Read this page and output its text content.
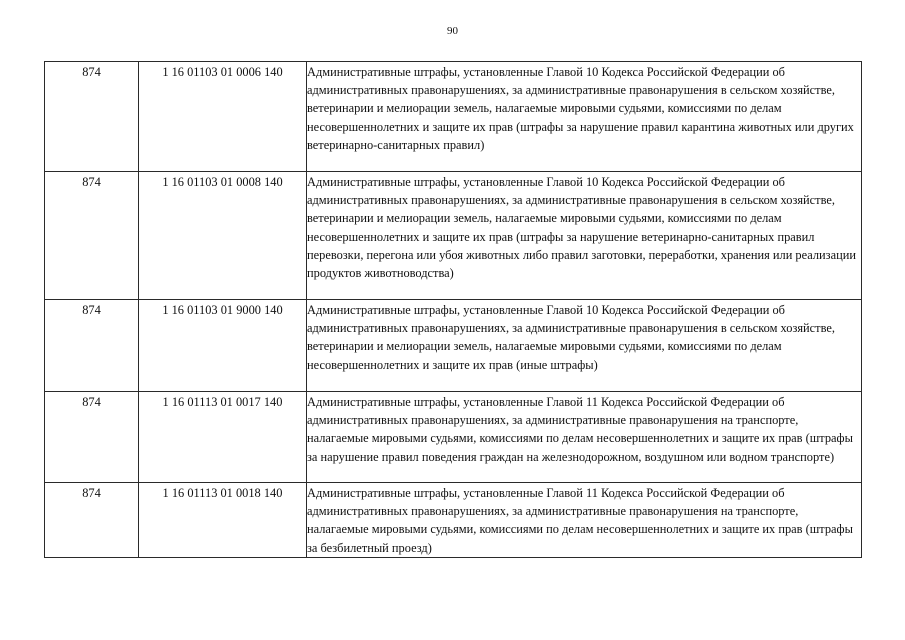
90
874	1 16 01103 01 0006 140	Административные штрафы, установленные Главой 10 Кодекса Российской Федерации об административных правонарушениях, за административные правонарушения в сельском хозяйстве, ветеринарии и мелиорации земель, налагаемые мировыми судьями, комиссиями по делам несовершеннолетних и защите их прав (штрафы за нарушение правил карантина животных или других ветеринарно-санитарных правил)

874	1 16 01103 01 0008 140	Административные штрафы, установленные Главой 10 Кодекса Российской Федерации об административных правонарушениях, за административные правонарушения в сельском хозяйстве, ветеринарии и мелиорации земель, налагаемые мировыми судьями, комиссиями по делам несовершеннолетних и защите их прав (штрафы за нарушение ветеринарно-санитарных правил перевозки, перегона или убоя животных либо правил заготовки, переработки, хранения или реализации продуктов животноводства)

874	1 16 01103 01 9000 140	Административные штрафы, установленные Главой 10 Кодекса Российской Федерации об административных правонарушениях, за административные правонарушения в сельском хозяйстве, ветеринарии и мелиорации земель, налагаемые мировыми судьями, комиссиями по делам несовершеннолетних и защите их прав (иные штрафы)

874	1 16 01113 01 0017 140	Административные штрафы, установленные Главой 11 Кодекса Российской Федерации об административных правонарушениях, за административные правонарушения на транспорте, налагаемые мировыми судьями, комиссиями по делам несовершеннолетних и защите их прав (штрафы за нарушение правил поведения граждан на железнодорожном, воздушном или водном транспорте)

874	1 16 01113 01 0018 140	Административные штрафы, установленные Главой 11 Кодекса Российской Федерации об административных правонарушениях, за административные правонарушения на транспорте, налагаемые мировыми судьями, комиссиями по делам несовершеннолетних и защите их прав (штрафы за безбилетный проезд)
